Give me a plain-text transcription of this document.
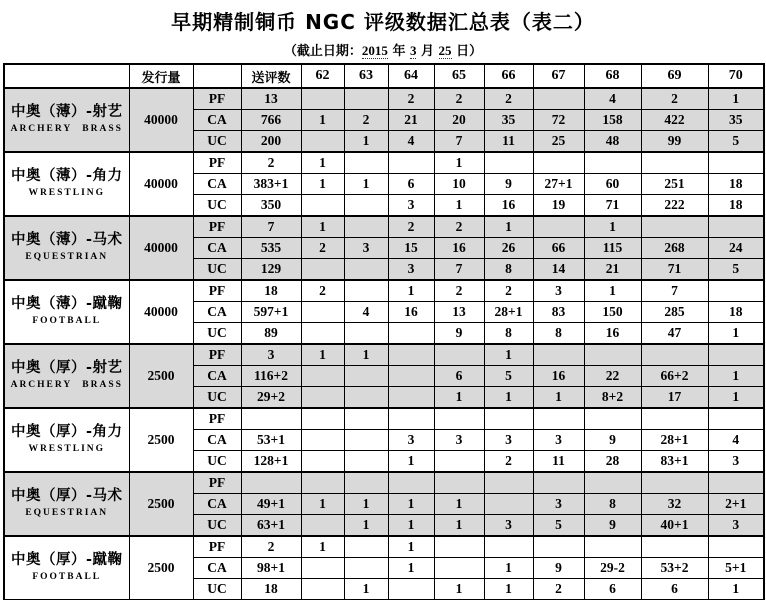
早期精制铜币 NGC 评级数据汇总表（表二）
（截止日期：2015 年 3 月 25 日）
	发行量		送评数	62	63	64	65	66	67	68	69	70

中奥（薄）-射艺
ARCHERY BRASS	40000	PF	13			2	2	2		4	2	1
		CA	766	1	2	21	20	35	72	158	422	35
		UC	200		1	4	7	11	25	48	99	5

中奥（薄）-角力
WRESTLING	40000	PF	2	1			1					
		CA	383+1	1	1	6	10	9	27+1	60	251	18
		UC	350			3	1	16	19	71	222	18

中奥（薄）-马术
EQUESTRIAN	40000	PF	7	1		2	2	1		1		
		CA	535	2	3	15	16	26	66	115	268	24
		UC	129			3	7	8	14	21	71	5

中奥（薄）-蹴鞠
FOOTBALL	40000	PF	18	2		1	2	2	3	1	7	
		CA	597+1		4	16	13	28+1	83	150	285	18
		UC	89				9	8	8	16	47	1

中奥（厚）-射艺
ARCHERY BRASS	2500	PF	3	1	1			1				
		CA	116+2				6	5	16	22	66+2	1
		UC	29+2				1	1	1	8+2	17	1

中奥（厚）-角力
WRESTLING	2500	PF										
		CA	53+1			3	3	3	3	9	28+1	4
		UC	128+1			1		2	11	28	83+1	3

中奥（厚）-马术
EQUESTRIAN	2500	PF										
		CA	49+1	1	1	1	1		3	8	32	2+1
		UC	63+1		1	1	1	3	5	9	40+1	3

中奥（厚）-蹴鞠
FOOTBALL	2500	PF	2	1		1						
		CA	98+1			1		1	9	29-2	53+2	5+1
		UC	18		1		1	1	2	6	6	1
